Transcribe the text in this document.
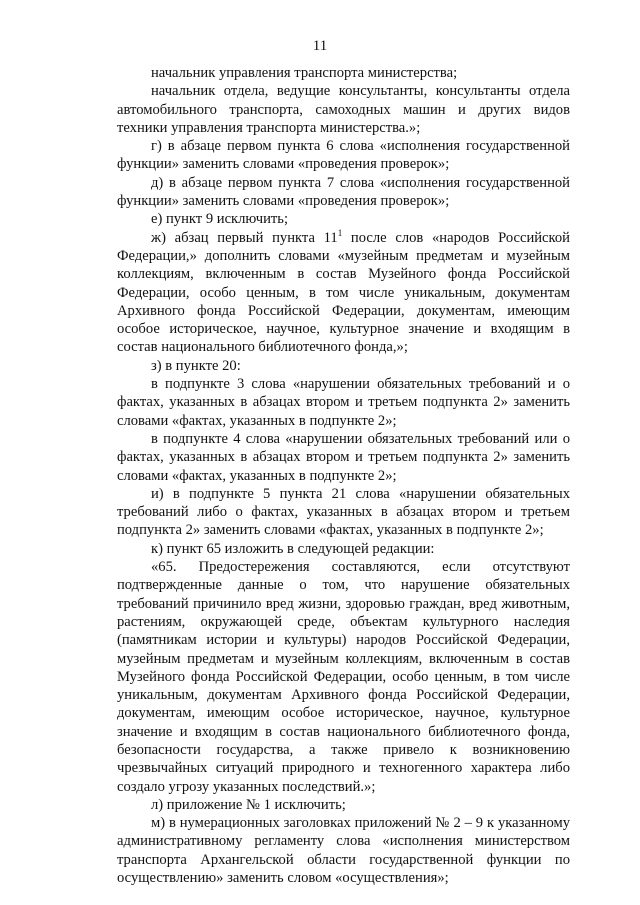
11

начальник управления транспорта министерства;

начальник отдела, ведущие консультанты, консультанты отдела автомобильного транспорта, самоходных машин и других видов техники управления транспорта министерства.»;

г) в абзаце первом пункта 6 слова «исполнения государственной функции» заменить словами «проведения проверок»;

д) в абзаце первом пункта 7 слова «исполнения государственной функции» заменить словами «проведения проверок»;

е) пункт 9 исключить;

ж) абзац первый пункта $11^1$ после слов «народов Российской Федерации,» дополнить словами «музейным предметам и музейным коллекциям, включенным в состав Музейного фонда Российской Федерации, особо ценным, в том числе уникальным, документам Архивного фонда Российской Федерации, документам, имеющим особое историческое, научное, культурное значение и входящим в состав национального библиотечного фонда,»;

з) в пункте 20:

в подпункте 3 слова «нарушении обязательных требований и о фактах, указанных в абзацах втором и третьем подпункта 2» заменить словами «фактах, указанных в подпункте 2»;

в подпункте 4 слова «нарушении обязательных требований или о фактах, указанных в абзацах втором и третьем подпункта 2» заменить словами «фактах, указанных в подпункте 2»;

и) в подпункте 5 пункта 21 слова «нарушении обязательных требований либо о фактах, указанных в абзацах втором и третьем подпункта 2» заменить словами «фактах, указанных в подпункте 2»;

к) пункт 65 изложить в следующей редакции:

«65. Предостережения составляются, если отсутствуют подтвержденные данные о том, что нарушение обязательных требований причинило вред жизни, здоровью граждан, вред животным, растениям, окружающей среде, объектам культурного наследия (памятникам истории и культуры) народов Российской Федерации, музейным предметам и музейным коллекциям, включенным в состав Музейного фонда Российской Федерации, особо ценным, в том числе уникальным, документам Архивного фонда Российской Федерации, документам, имеющим особое историческое, научное, культурное значение и входящим в состав национального библиотечного фонда, безопасности государства, а также привело к возникновению чрезвычайных ситуаций природного и техногенного характера либо создало угрозу указанных последствий.»;

л) приложение № 1 исключить;

м) в нумерационных заголовках приложений № 2 – 9 к указанному административному регламенту слова «исполнения министерством транспорта Архангельской области государственной функции по осуществлению» заменить словом «осуществления»;
